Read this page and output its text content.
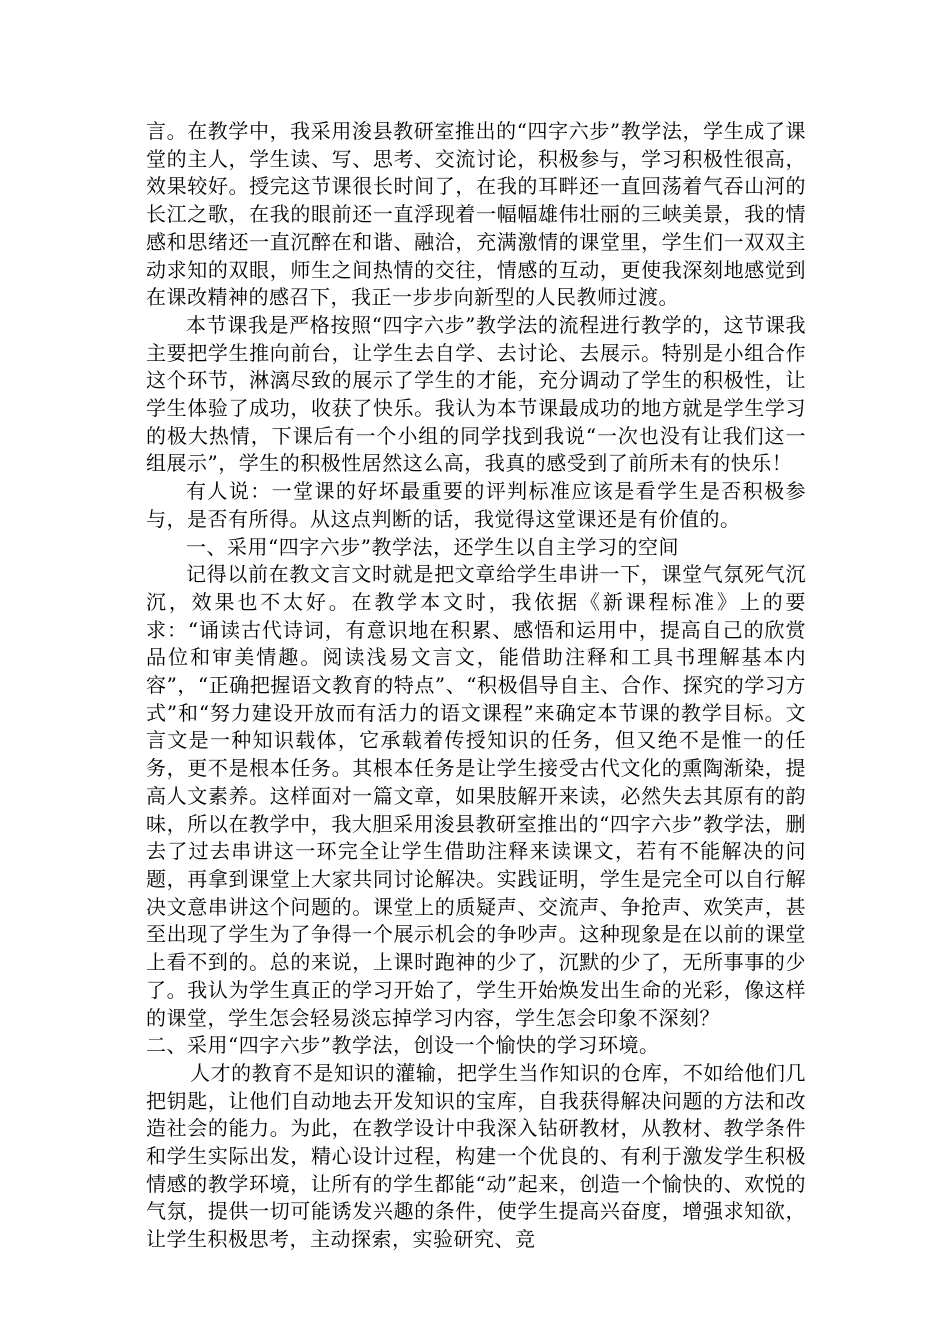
言。在教学中，我采用浚县教研室推出的“四字六步”教学法，学生成了课堂的主人，学生读、写、思考、交流讨论，积极参与，学习积极性很高，效果较好。授完这节课很长时间了，在我的耳畔还一直回荡着气吞山河的长江之歌，在我的眼前还一直浮现着一幅幅雄伟壮丽的三峡美景，我的情感和思绪还一直沉醉在和谐、融洽，充满激情的课堂里，学生们一双双主动求知的双眼，师生之间热情的交往，情感的互动，更使我深刻地感觉到在课改精神的感召下，我正一步步向新型的人民教师过渡。

本节课我是严格按照“四字六步”教学法的流程进行教学的，这节课我主要把学生推向前台，让学生去自学、去讨论、去展示。特别是小组合作这个环节，淋漓尽致的展示了学生的才能，充分调动了学生的积极性，让学生体验了成功，收获了快乐。我认为本节课最成功的地方就是学生学习的极大热情，下课后有一个小组的同学找到我说“一次也没有让我们这一组展示”，学生的积极性居然这么高，我真的感受到了前所未有的快乐！

有人说：一堂课的好坏最重要的评判标准应该是看学生是否积极参与，是否有所得。从这点判断的话，我觉得这堂课还是有价值的。

一、采用“四字六步”教学法，还学生以自主学习的空间

记得以前在教文言文时就是把文章给学生串讲一下，课堂气氛死气沉沉，效果也不太好。在教学本文时，我依据《新课程标准》上的要求：“诵读古代诗词，有意识地在积累、感悟和运用中，提高自己的欣赏品位和审美情趣。阅读浅易文言文，能借助注释和工具书理解基本内容”，“正确把握语文教育的特点”、“积极倡导自主、合作、探究的学习方式”和“努力建设开放而有活力的语文课程”来确定本节课的教学目标。文言文是一种知识载体，它承载着传授知识的任务，但又绝不是惟一的任务，更不是根本任务。其根本任务是让学生接受古代文化的熏陶渐染，提高人文素养。这样面对一篇文章，如果肢解开来读，必然失去其原有的韵味，所以在教学中，我大胆采用浚县教研室推出的“四字六步”教学法，删去了过去串讲这一环完全让学生借助注释来读课文，若有不能解决的问题，再拿到课堂上大家共同讨论解决。实践证明，学生是完全可以自行解决文意串讲这个问题的。课堂上的质疑声、交流声、争抢声、欢笑声，甚至出现了学生为了争得一个展示机会的争吵声。这种现象是在以前的课堂上看不到的。总的来说，上课时跑神的少了，沉默的少了，无所事事的少了。我认为学生真正的学习开始了，学生开始焕发出生命的光彩，像这样的课堂，学生怎会轻易淡忘掉学习内容，学生怎会印象不深刻？

二、采用“四字六步”教学法，创设一个愉快的学习环境。

人才的教育不是知识的灌输，把学生当作知识的仓库，不如给他们几把钥匙，让他们自动地去开发知识的宝库，自我获得解决问题的方法和改造社会的能力。为此，在教学设计中我深入钻研教材，从教材、教学条件和学生实际出发，精心设计过程，构建一个优良的、有利于激发学生积极情感的教学环境，让所有的学生都能“动”起来，创造一个愉快的、欢悦的气氛，提供一切可能诱发兴趣的条件，使学生提高兴奋度，增强求知欲，让学生积极思考，主动探索，实验研究、竞
